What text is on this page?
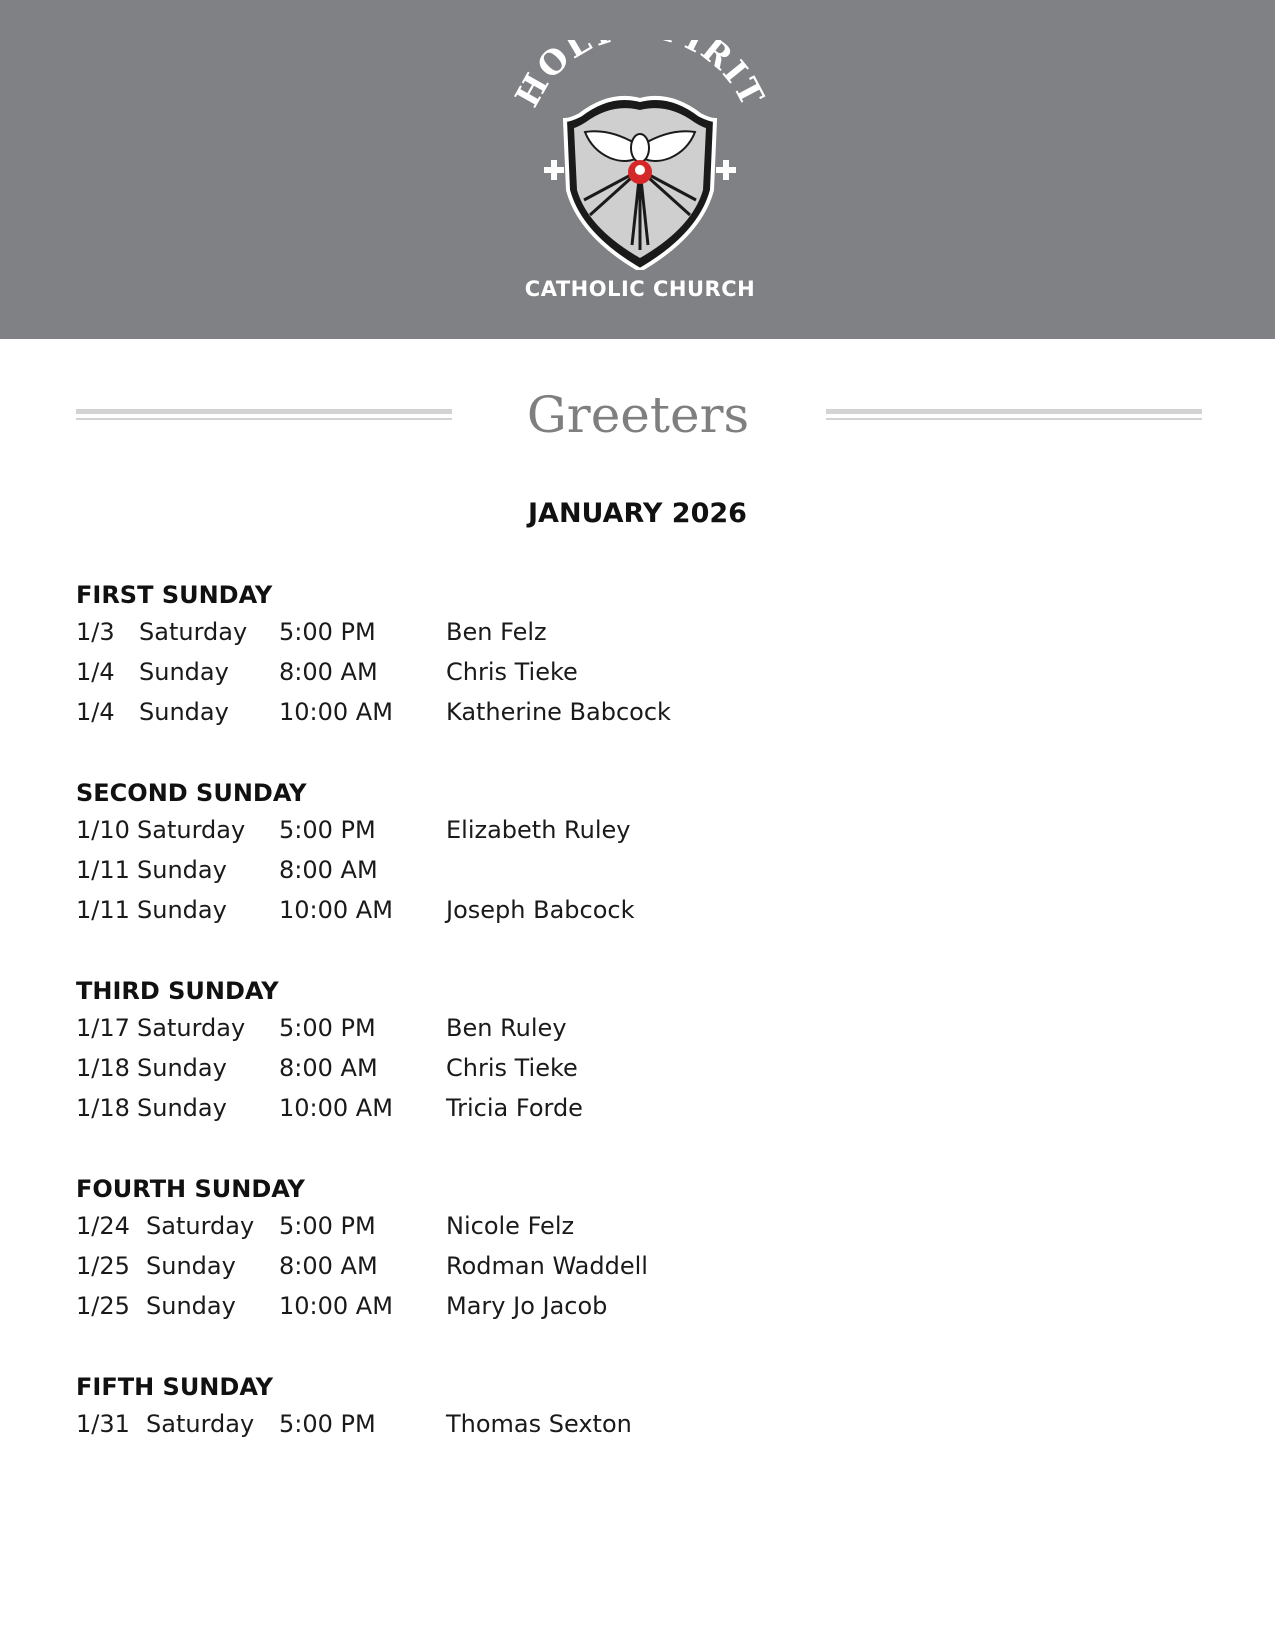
HOL RIT
CATHOLIC CHURCH
Greeters
JANUARY 2026
FIRST SUNDAY
1/3 Saturday 5:00 PM	Ben Felz
1/4 Sunday 8:00 AM	Chris Tieke
1/4 Sunday 10:00 AM Katherine Babcock
SECOND SUNDAY
1/10 Saturday 5:00 PM	Elizabeth Ruley
1/11 Sunday 8:00 AM
1/11 Sunday 10:00 AM Joseph Babcock
THIRD SUNDAY
1/17 Saturday 5:00 PM	Ben Ruley
1/18 Sunday 8:00 AM	Chris Tieke
1/18 Sunday 10:00 AM Tricia Forde
FOURTH SUNDAY
1/24 Saturday 5:00 PM	Nicole Felz
1/25 Sunday 8:00 AM	Rodman Waddell
1/25 Sunday 10:00 AM Mary Jo Jacob
FIFTH SUNDAY
1/31 Saturday 5:00 PM	Thomas Sexton
